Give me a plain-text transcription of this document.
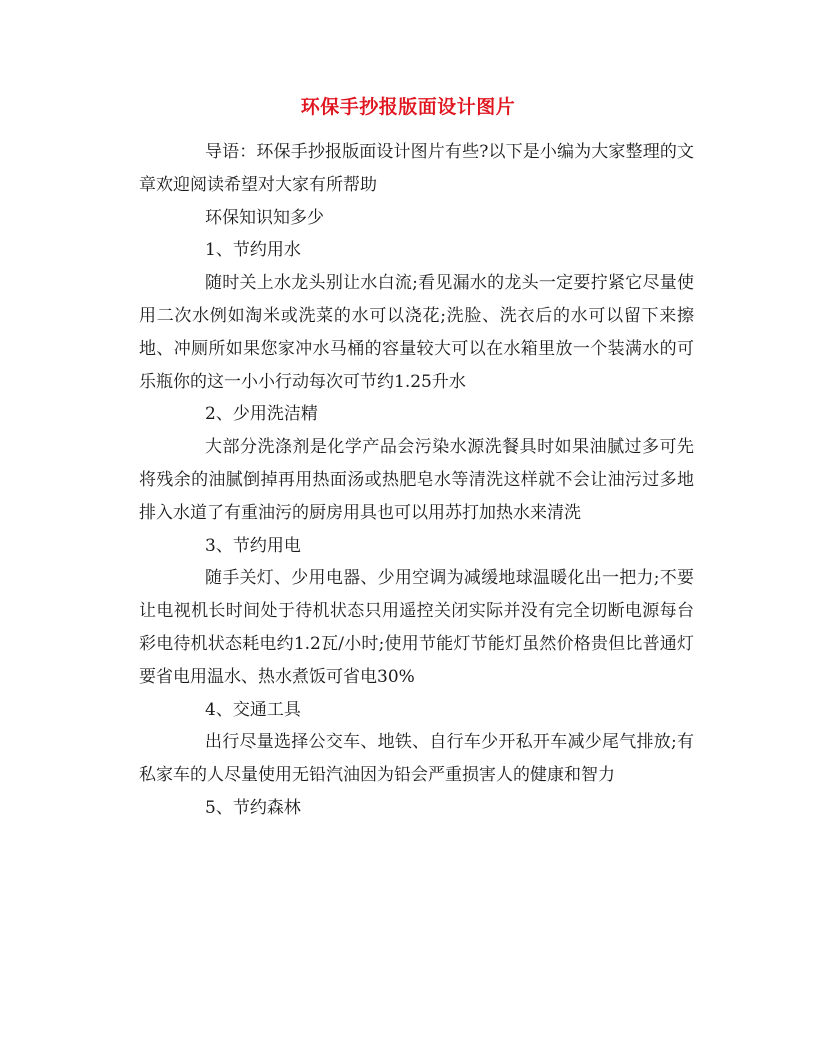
环保手抄报版面设计图片

导语：环保手抄报版面设计图片有些?以下是小编为大家整理的文章欢迎阅读希望对大家有所帮助

环保知识知多少

1、节约用水

随时关上水龙头别让水白流;看见漏水的龙头一定要拧紧它尽量使用二次水例如淘米或洗菜的水可以浇花;洗脸、洗衣后的水可以留下来擦地、冲厕所如果您家冲水马桶的容量较大可以在水箱里放一个装满水的可乐瓶你的这一小小行动每次可节约1.25升水

2、少用洗洁精

大部分洗涤剂是化学产品会污染水源洗餐具时如果油腻过多可先将残余的油腻倒掉再用热面汤或热肥皂水等清洗这样就不会让油污过多地排入水道了有重油污的厨房用具也可以用苏打加热水来清洗

3、节约用电

随手关灯、少用电器、少用空调为减缓地球温暖化出一把力;不要让电视机长时间处于待机状态只用遥控关闭实际并没有完全切断电源每台彩电待机状态耗电约1.2瓦/小时;使用节能灯节能灯虽然价格贵但比普通灯要省电用温水、热水煮饭可省电30%

4、交通工具

出行尽量选择公交车、地铁、自行车少开私开车减少尾气排放;有私家车的人尽量使用无铅汽油因为铅会严重损害人的健康和智力

5、节约森林
